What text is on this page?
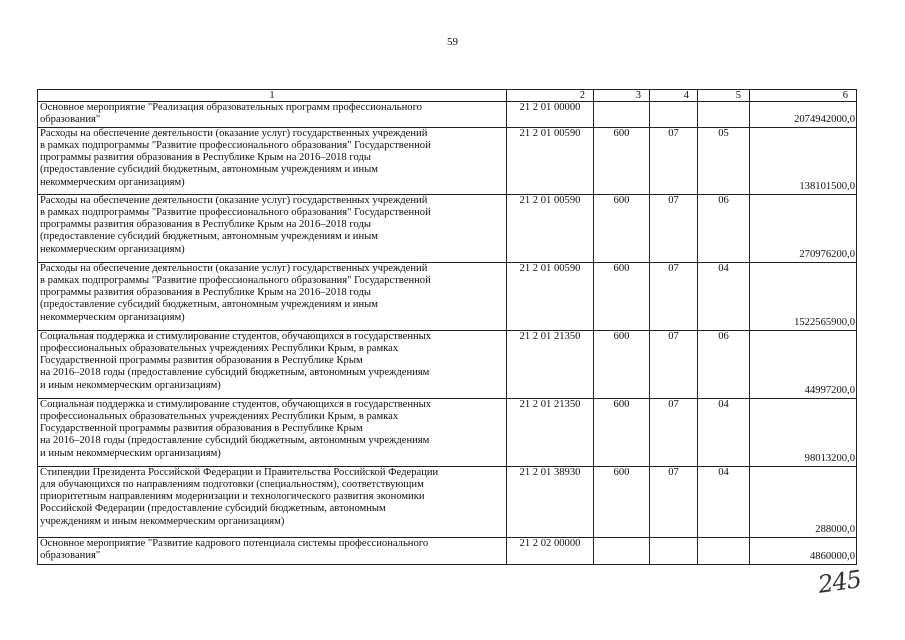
59
1	2	3	4	5	6
Основное мероприятие "Реализация образовательных программ профессионального
образования"	21 2 01 00000				2074942000,0
Расходы на обеспечение деятельности (оказание услуг) государственных учреждений
в рамках подпрограммы "Развитие профессионального образования" Государственной
программы развития образования в Республике Крым на 2016–2018 годы
(предоставление субсидий бюджетным, автономным учреждениям и иным
некоммерческим организациям)	21 2 01 00590	600	07	05	138101500,0
Расходы на обеспечение деятельности (оказание услуг) государственных учреждений
в рамках подпрограммы "Развитие профессионального образования" Государственной
программы развития образования в Республике Крым на 2016–2018 годы
(предоставление субсидий бюджетным, автономным учреждениям и иным
некоммерческим организациям)	21 2 01 00590	600	07	06	270976200,0
Расходы на обеспечение деятельности (оказание услуг) государственных учреждений
в рамках подпрограммы "Развитие профессионального образования" Государственной
программы развития образования в Республике Крым на 2016–2018 годы
(предоставление субсидий бюджетным, автономным учреждениям и иным
некоммерческим организациям)	21 2 01 00590	600	07	04	1522565900,0
Социальная поддержка и стимулирование студентов, обучающихся в государственных
профессиональных образовательных учреждениях Республики Крым, в рамках
Государственной программы развития образования в Республике Крым
на 2016–2018 годы (предоставление субсидий бюджетным, автономным учреждениям
и иным некоммерческим организациям)	21 2 01 21350	600	07	06	44997200,0
Социальная поддержка и стимулирование студентов, обучающихся в государственных
профессиональных образовательных учреждениях Республики Крым, в рамках
Государственной программы развития образования в Республике Крым
на 2016–2018 годы (предоставление субсидий бюджетным, автономным учреждениям
и иным некоммерческим организациям)	21 2 01 21350	600	07	04	98013200,0
Стипендии Президента Российской Федерации и Правительства Российской Федерации
для обучающихся по направлениям подготовки (специальностям), соответствующим
приоритетным направлениям модернизации и технологического развития экономики
Российской Федерации (предоставление субсидий бюджетным, автономным
учреждениям и иным некоммерческим организациям)	21 2 01 38930	600	07	04	288000,0
Основное мероприятие "Развитие кадрового потенциала системы профессионального
образования"	21 2 02 00000				4860000,0
245
